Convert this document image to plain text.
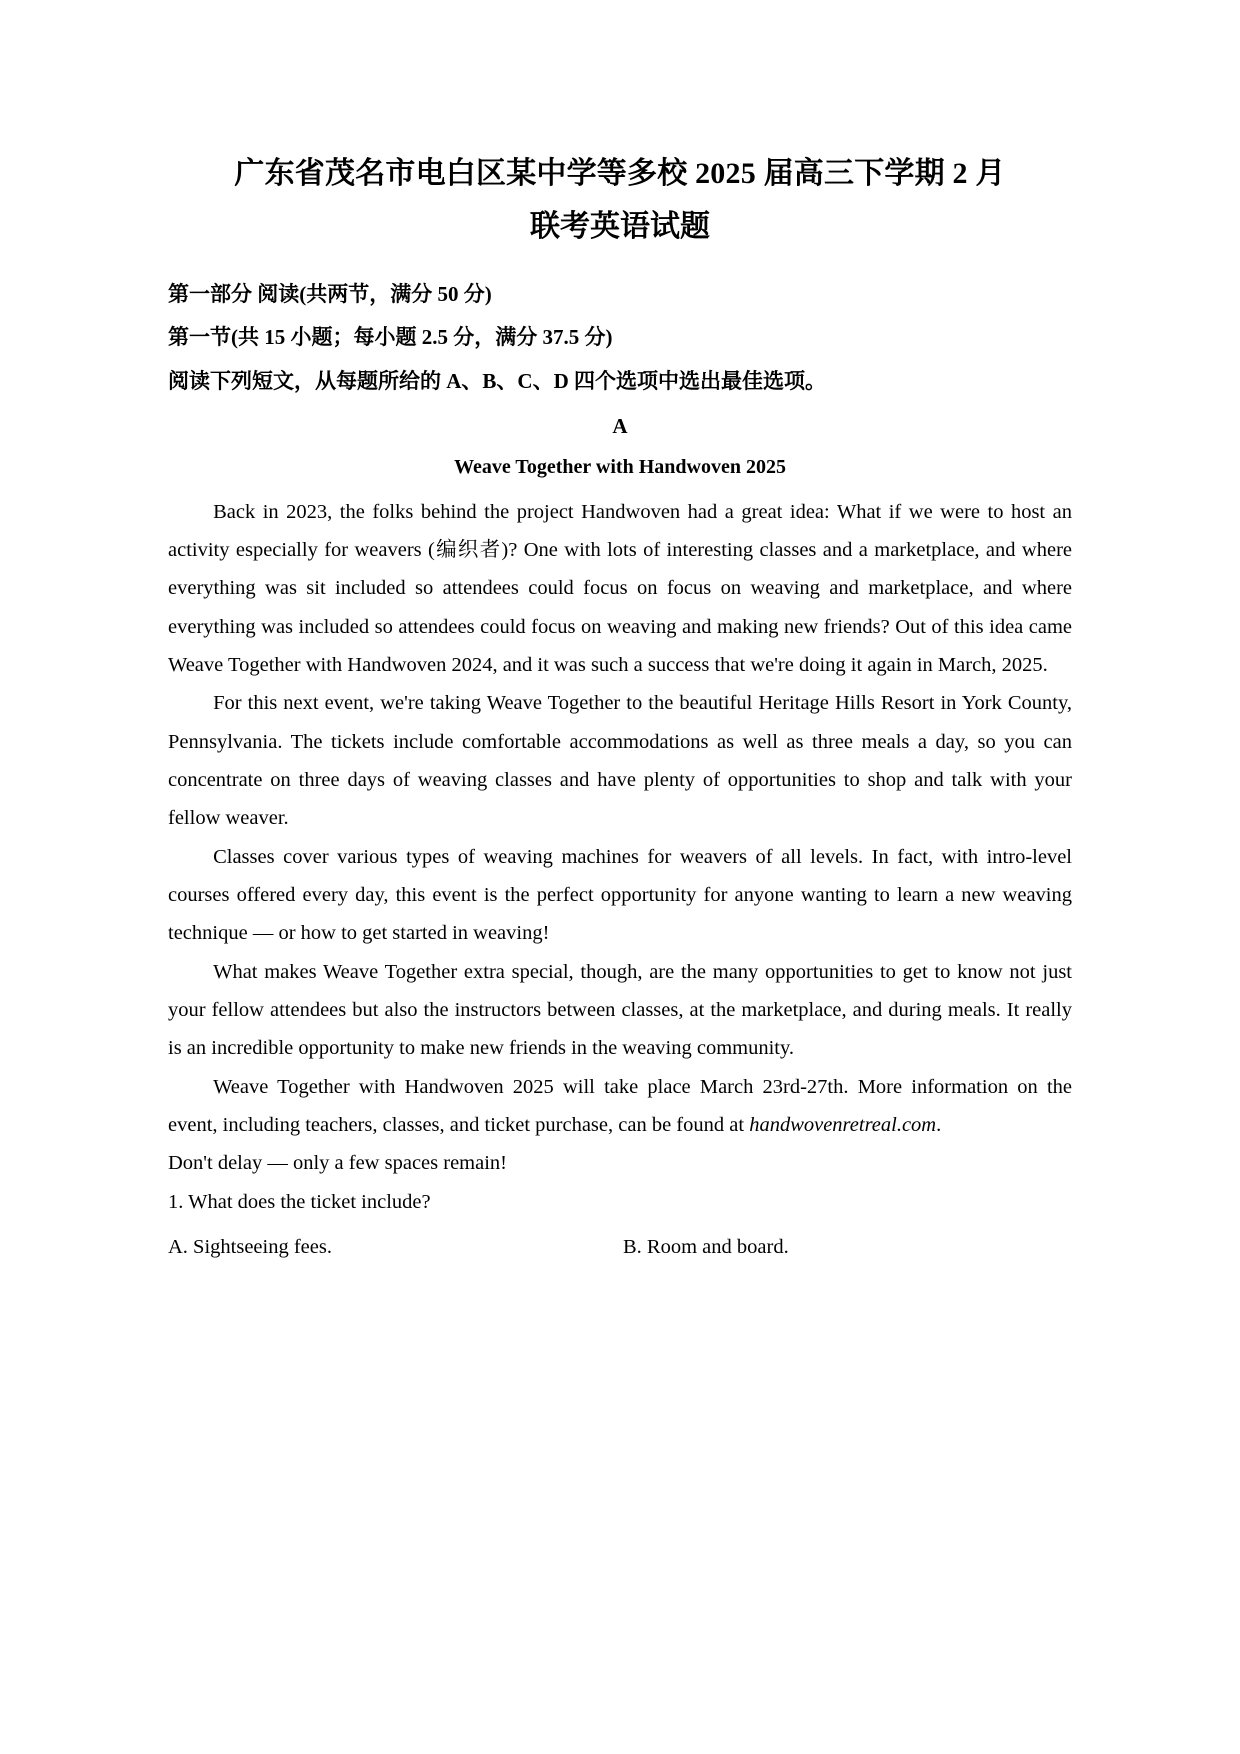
广东省茂名市电白区某中学等多校 2025 届高三下学期 2 月
联考英语试题

第一部分 阅读(共两节，满分 50 分)

第一节(共 15 小题；每小题 2.5 分，满分 37.5 分)

阅读下列短文，从每题所给的 A、B、C、D 四个选项中选出最佳选项。

A

Weave Together with Handwoven 2025

Back in 2023, the folks behind the project Handwoven had a great idea: What if we were to host an activity especially for weavers (编织者)? One with lots of interesting classes and a marketplace, and where everything was sit included so attendees could focus on focus on weaving and marketplace, and where everything was included so attendees could focus on weaving and making new friends? Out of this idea came Weave Together with Handwoven 2024, and it was such a success that we're doing it again in March, 2025.

For this next event, we're taking Weave Together to the beautiful Heritage Hills Resort in York County, Pennsylvania. The tickets include comfortable accommodations as well as three meals a day, so you can concentrate on three days of weaving classes and have plenty of opportunities to shop and talk with your fellow weaver.

Classes cover various types of weaving machines for weavers of all levels. In fact, with intro-level courses offered every day, this event is the perfect opportunity for anyone wanting to learn a new weaving technique — or how to get started in weaving!

What makes Weave Together extra special, though, are the many opportunities to get to know not just your fellow attendees but also the instructors between classes, at the marketplace, and during meals. It really is an incredible opportunity to make new friends in the weaving community.

Weave Together with Handwoven 2025 will take place March 23rd-27th. More information on the event, including teachers, classes, and ticket purchase, can be found at handwovenretreal.com.

Don't delay — only a few spaces remain!

1. What does the ticket include?

A. Sightseeing fees.	B. Room and board.
